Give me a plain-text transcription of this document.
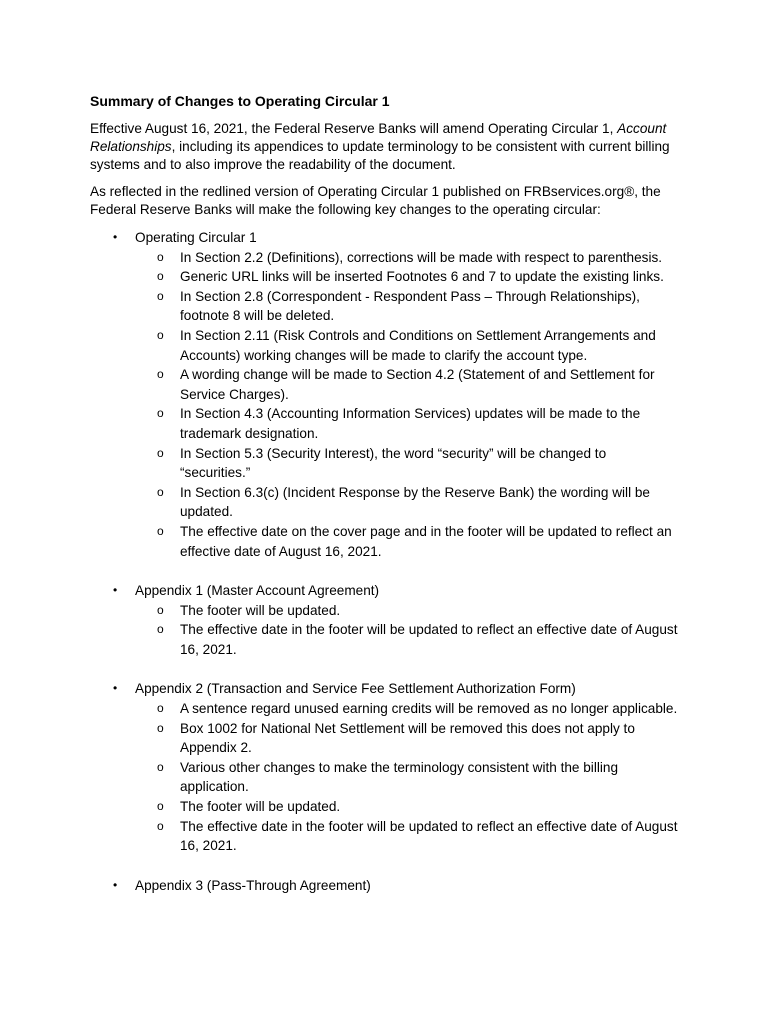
Summary of Changes to Operating Circular 1

Effective August 16, 2021, the Federal Reserve Banks will amend Operating Circular 1, Account Relationships, including its appendices to update terminology to be consistent with current billing systems and to also improve the readability of the document.

As reflected in the redlined version of Operating Circular 1 published on FRBservices.org®, the Federal Reserve Banks will make the following key changes to the operating circular:

• Operating Circular 1
o In Section 2.2 (Definitions), corrections will be made with respect to parenthesis.
o Generic URL links will be inserted Footnotes 6 and 7 to update the existing links.
o In Section 2.8 (Correspondent - Respondent Pass – Through Relationships), footnote 8 will be deleted.
o In Section 2.11 (Risk Controls and Conditions on Settlement Arrangements and Accounts) working changes will be made to clarify the account type.
o A wording change will be made to Section 4.2 (Statement of and Settlement for Service Charges).
o In Section 4.3 (Accounting Information Services) updates will be made to the trademark designation.
o In Section 5.3 (Security Interest), the word “security” will be changed to “securities.”
o In Section 6.3(c) (Incident Response by the Reserve Bank) the wording will be updated.
o The effective date on the cover page and in the footer will be updated to reflect an effective date of August 16, 2021.
• Appendix 1 (Master Account Agreement)
o The footer will be updated.
o The effective date in the footer will be updated to reflect an effective date of August 16, 2021.
• Appendix 2 (Transaction and Service Fee Settlement Authorization Form)
o A sentence regard unused earning credits will be removed as no longer applicable.
o Box 1002 for National Net Settlement will be removed this does not apply to Appendix 2.
o Various other changes to make the terminology consistent with the billing application.
o The footer will be updated.
o The effective date in the footer will be updated to reflect an effective date of August 16, 2021.
• Appendix 3 (Pass-Through Agreement)
